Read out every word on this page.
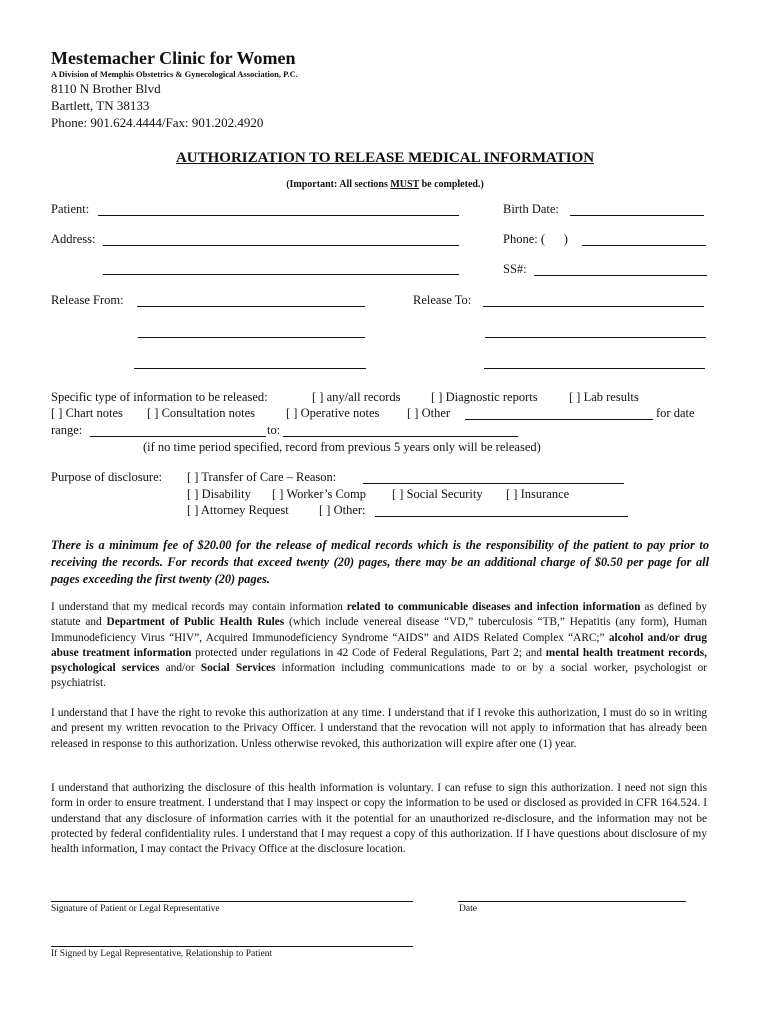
Mestemacher Clinic for Women
A Division of Memphis Obstetrics & Gynecological Association, P.C.
8110 N Brother Blvd
Bartlett, TN 38133
Phone: 901.624.4444/Fax: 901.202.4920
AUTHORIZATION TO RELEASE MEDICAL INFORMATION
(Important: All sections MUST be completed.)
Patient:	Birth Date:
Address:	Phone: (      )
SS#:
Release From:	Release To:
Specific type of information to be released:	[ ] any/all records [ ] Diagnostic reports	[ ] Lab results
[ ] Chart notes [ ] Consultation notes [ ] Operative notes [ ] Other	for date
range:	to:
(if no time period specified, record from previous 5 years only will be released)
Purpose of disclosure: [ ] Transfer of Care – Reason:
[ ] Disability [ ] Worker’s Comp [ ] Social Security [ ] Insurance
[ ] Attorney Request [ ] Other:
There is a minimum fee of $20.00 for the release of medical records which is the responsibility of the patient to pay prior to receiving the records. For records that exceed twenty (20) pages, there may be an additional charge of $0.50 per page for all pages exceeding the first twenty (20) pages.
I understand that my medical records may contain information related to communicable diseases and infection information as defined by statute and Department of Public Health Rules (which include venereal disease “VD,” tuberculosis “TB,” Hepatitis (any form), Human Immunodeficiency Virus “HIV”, Acquired Immunodeficiency Syndrome “AIDS” and AIDS Related Complex “ARC;” alcohol and/or drug abuse treatment information protected under regulations in 42 Code of Federal Regulations, Part 2; and mental health treatment records, psychological services and/or Social Services information including communications made to or by a social worker, psychologist or psychiatrist.
I understand that I have the right to revoke this authorization at any time. I understand that if I revoke this authorization, I must do so in writing and present my written revocation to the Privacy Officer. I understand that the revocation will not apply to information that has already been released in response to this authorization. Unless otherwise revoked, this authorization will expire after one (1) year.
I understand that authorizing the disclosure of this health information is voluntary. I can refuse to sign this authorization. I need not sign this form in order to ensure treatment. I understand that I may inspect or copy the information to be used or disclosed as provided in CFR 164.524. I understand that any disclosure of information carries with it the potential for an unauthorized re-disclosure, and the information may not be protected by federal confidentiality rules. I understand that I may request a copy of this authorization. If I have questions about disclosure of my health information, I may contact the Privacy Office at the disclosure location.
Signature of Patient or Legal Representative	Date
If Signed by Legal Representative, Relationship to Patient
